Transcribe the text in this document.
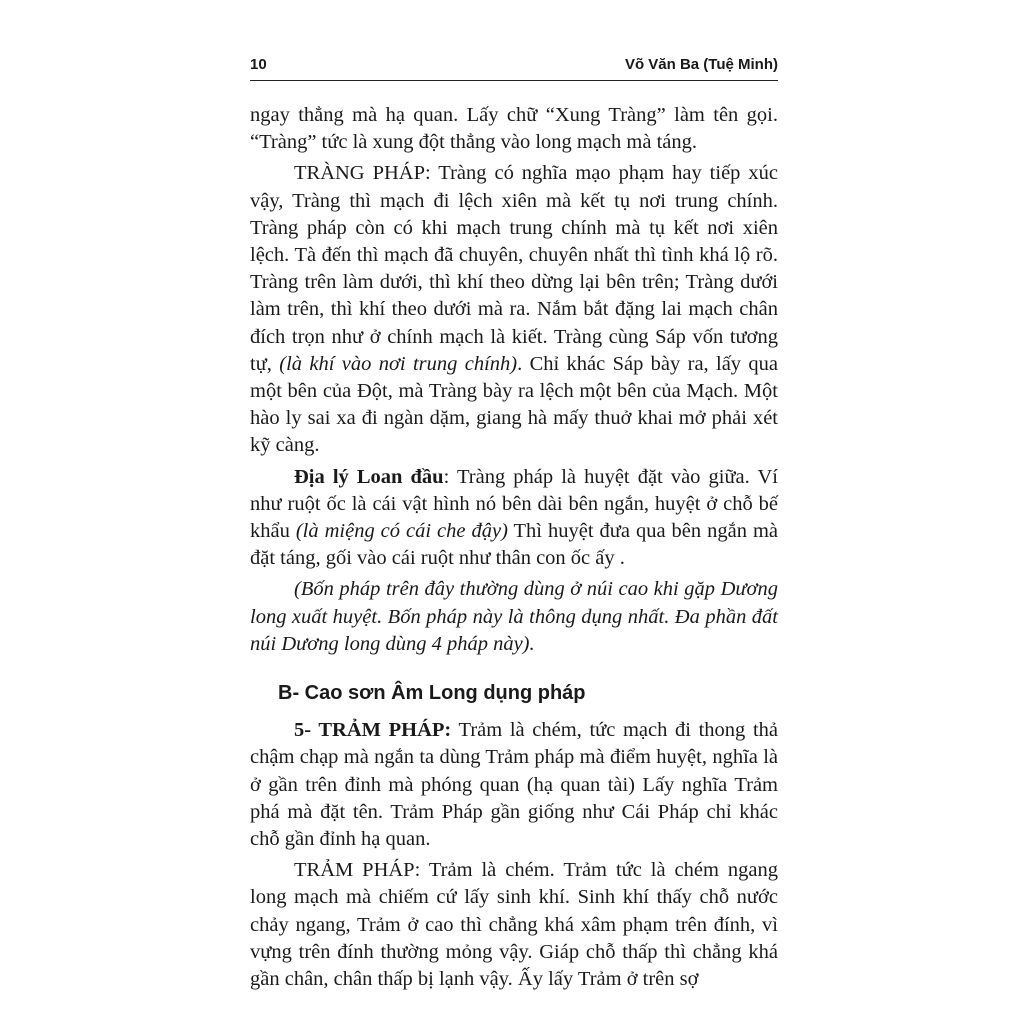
10	Võ Văn Ba (Tuệ Minh)

ngay thẳng mà hạ quan. Lấy chữ “Xung Tràng” làm tên gọi. “Tràng” tức là xung đột thẳng vào long mạch mà táng.

TRÀNG PHÁP: Tràng có nghĩa mạo phạm hay tiếp xúc vậy, Tràng thì mạch đi lệch xiên mà kết tụ nơi trung chính. Tràng pháp còn có khi mạch trung chính mà tụ kết nơi xiên lệch. Tà đến thì mạch đã chuyên, chuyên nhất thì tình khá lộ rõ. Tràng trên làm dưới, thì khí theo dừng lại bên trên; Tràng dưới làm trên, thì khí theo dưới mà ra. Nắm bắt đặng lai mạch chân đích trọn như ở chính mạch là kiết. Tràng cùng Sáp vốn tương tự, (là khí vào nơi trung chính). Chỉ khác Sáp bày ra, lấy qua một bên của Đột, mà Tràng bày ra lệch một bên của Mạch. Một hào ly sai xa đi ngàn dặm, giang hà mấy thuở khai mở phải xét kỹ càng.

Địa lý Loan đầu: Tràng pháp là huyệt đặt vào giữa. Ví như ruột ốc là cái vật hình nó bên dài bên ngắn, huyệt ở chỗ bế khẩu (là miệng có cái che đậy) Thì huyệt đưa qua bên ngắn mà đặt táng, gối vào cái ruột như thân con ốc ấy .

(Bốn pháp trên đây thường dùng ở núi cao khi gặp Dương long xuất huyệt. Bốn pháp này là thông dụng nhất. Đa phần đất núi Dương long dùng 4 pháp này).

B- Cao sơn Âm Long dụng pháp

5- TRẢM PHÁP: Trảm là chém, tức mạch đi thong thả chậm chạp mà ngắn ta dùng Trảm pháp mà điểm huyệt, nghĩa là ở gần trên đỉnh mà phóng quan (hạ quan tài) Lấy nghĩa Trảm phá mà đặt tên. Trảm Pháp gần giống như Cái Pháp chỉ khác chỗ gần đỉnh hạ quan.

TRẢM PHÁP: Trảm là chém. Trảm tức là chém ngang long mạch mà chiếm cứ lấy sinh khí. Sinh khí thấy chỗ nước chảy ngang, Trảm ở cao thì chẳng khá xâm phạm trên đính, vì vựng trên đính thường mỏng vậy. Giáp chỗ thấp thì chẳng khá gần chân, chân thấp bị lạnh vậy. Ấy lấy Trảm ở trên sợ
